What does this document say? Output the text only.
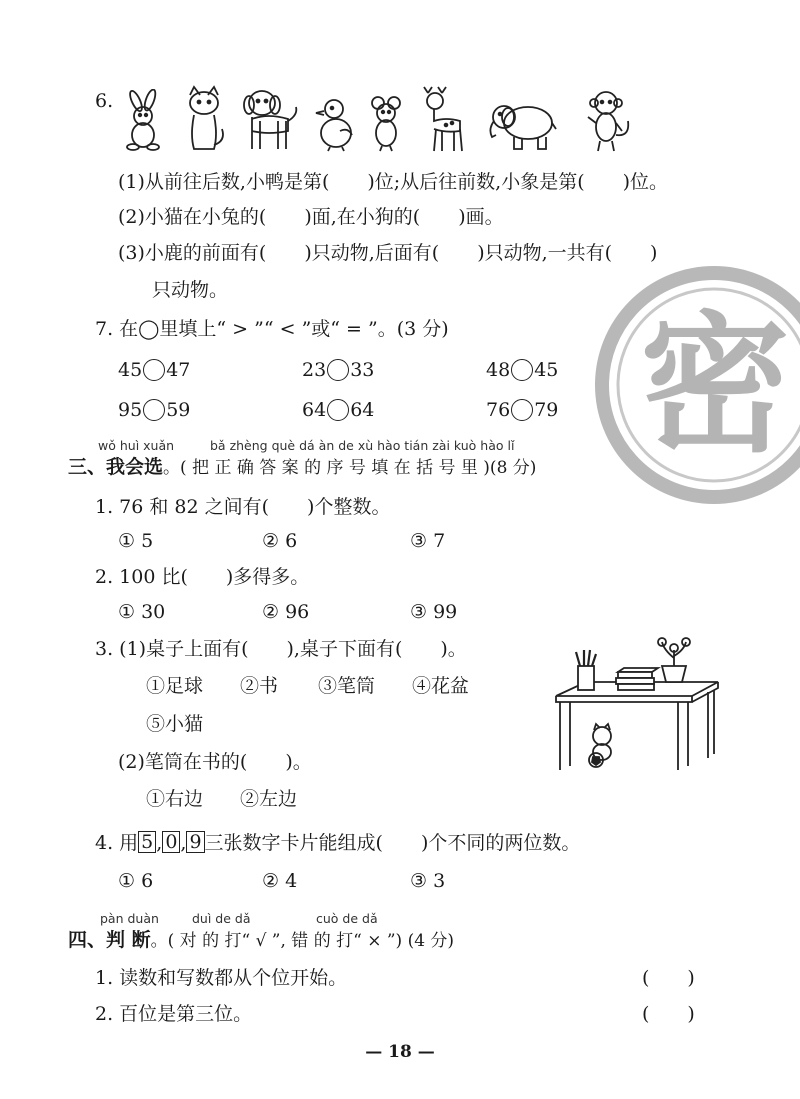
密
6.
(1)从前往后数,小鸭是第(　　)位;从后往前数,小象是第(　　)位。
(2)小猫在小兔的(　　)面,在小狗的(　　)画。
(3)小鹿的前面有(　　)只动物,后面有(　　)只动物,一共有(　　)
只动物。
7. 在◯里填上“ > ”“ < ”或“ = ”。(3 分)
45 47	23 33	48 45
95 59	64 64	76 79
wǒ huì xuǎn	bǎ zhèng què dá àn de xù hào tián zài kuò hào lǐ
三、我会选。( 把 正 确 答 案 的 序 号 填 在 括 号 里 )(8 分)
1. 76 和 82 之间有(　　)个整数。
① 5	② 6	③ 7
2. 100 比(　　)多得多。
① 30	② 96	③ 99
3. (1)桌子上面有(　　),桌子下面有(　　)。
①足球 ②书 ③笔筒 ④花盆
⑤小猫
(2)笔筒在书的(　　)。
①右边 ②左边
4. 用 5 , 0 , 9 三张数字卡片能组成(　　)个不同的两位数。
① 6	② 4	③ 3
pàn duàn	duì de dǎ	cuò de dǎ
四、判 断。( 对 的 打“ √ ”, 错 的 打“ × ”) (4 分)
1. 读数和写数都从个位开始。	(　　)
2. 百位是第三位。	(　　)
— 18 —
